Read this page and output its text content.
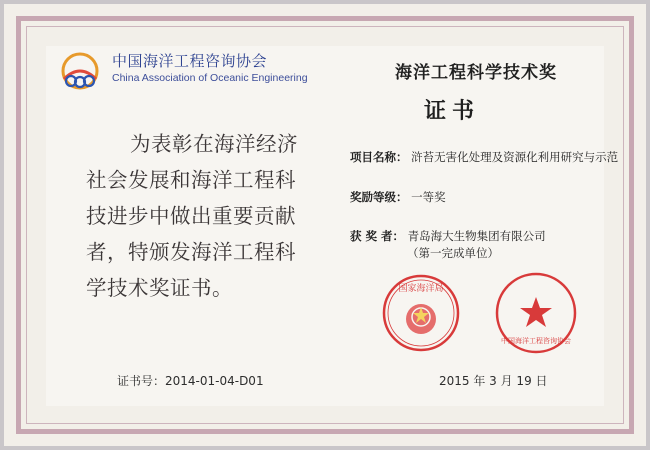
中国海洋工程咨询协会
China Association of Oceanic Engineering
为表彰在海洋经济社会发展和海洋工程科技进步中做出重要贡献者，特颁发海洋工程科学技术奖证书。
海洋工程科学技术奖
证书
项目名称： 浒苔无害化处理及资源化利用研究与示范
奖励等级： 一等奖
获 奖 者： 青岛海大生物集团有限公司
（第一完成单位）
国家海洋局
中国海洋工程咨询协会
证书号：2014-01-04-D01	2015 年 3 月 19 日
